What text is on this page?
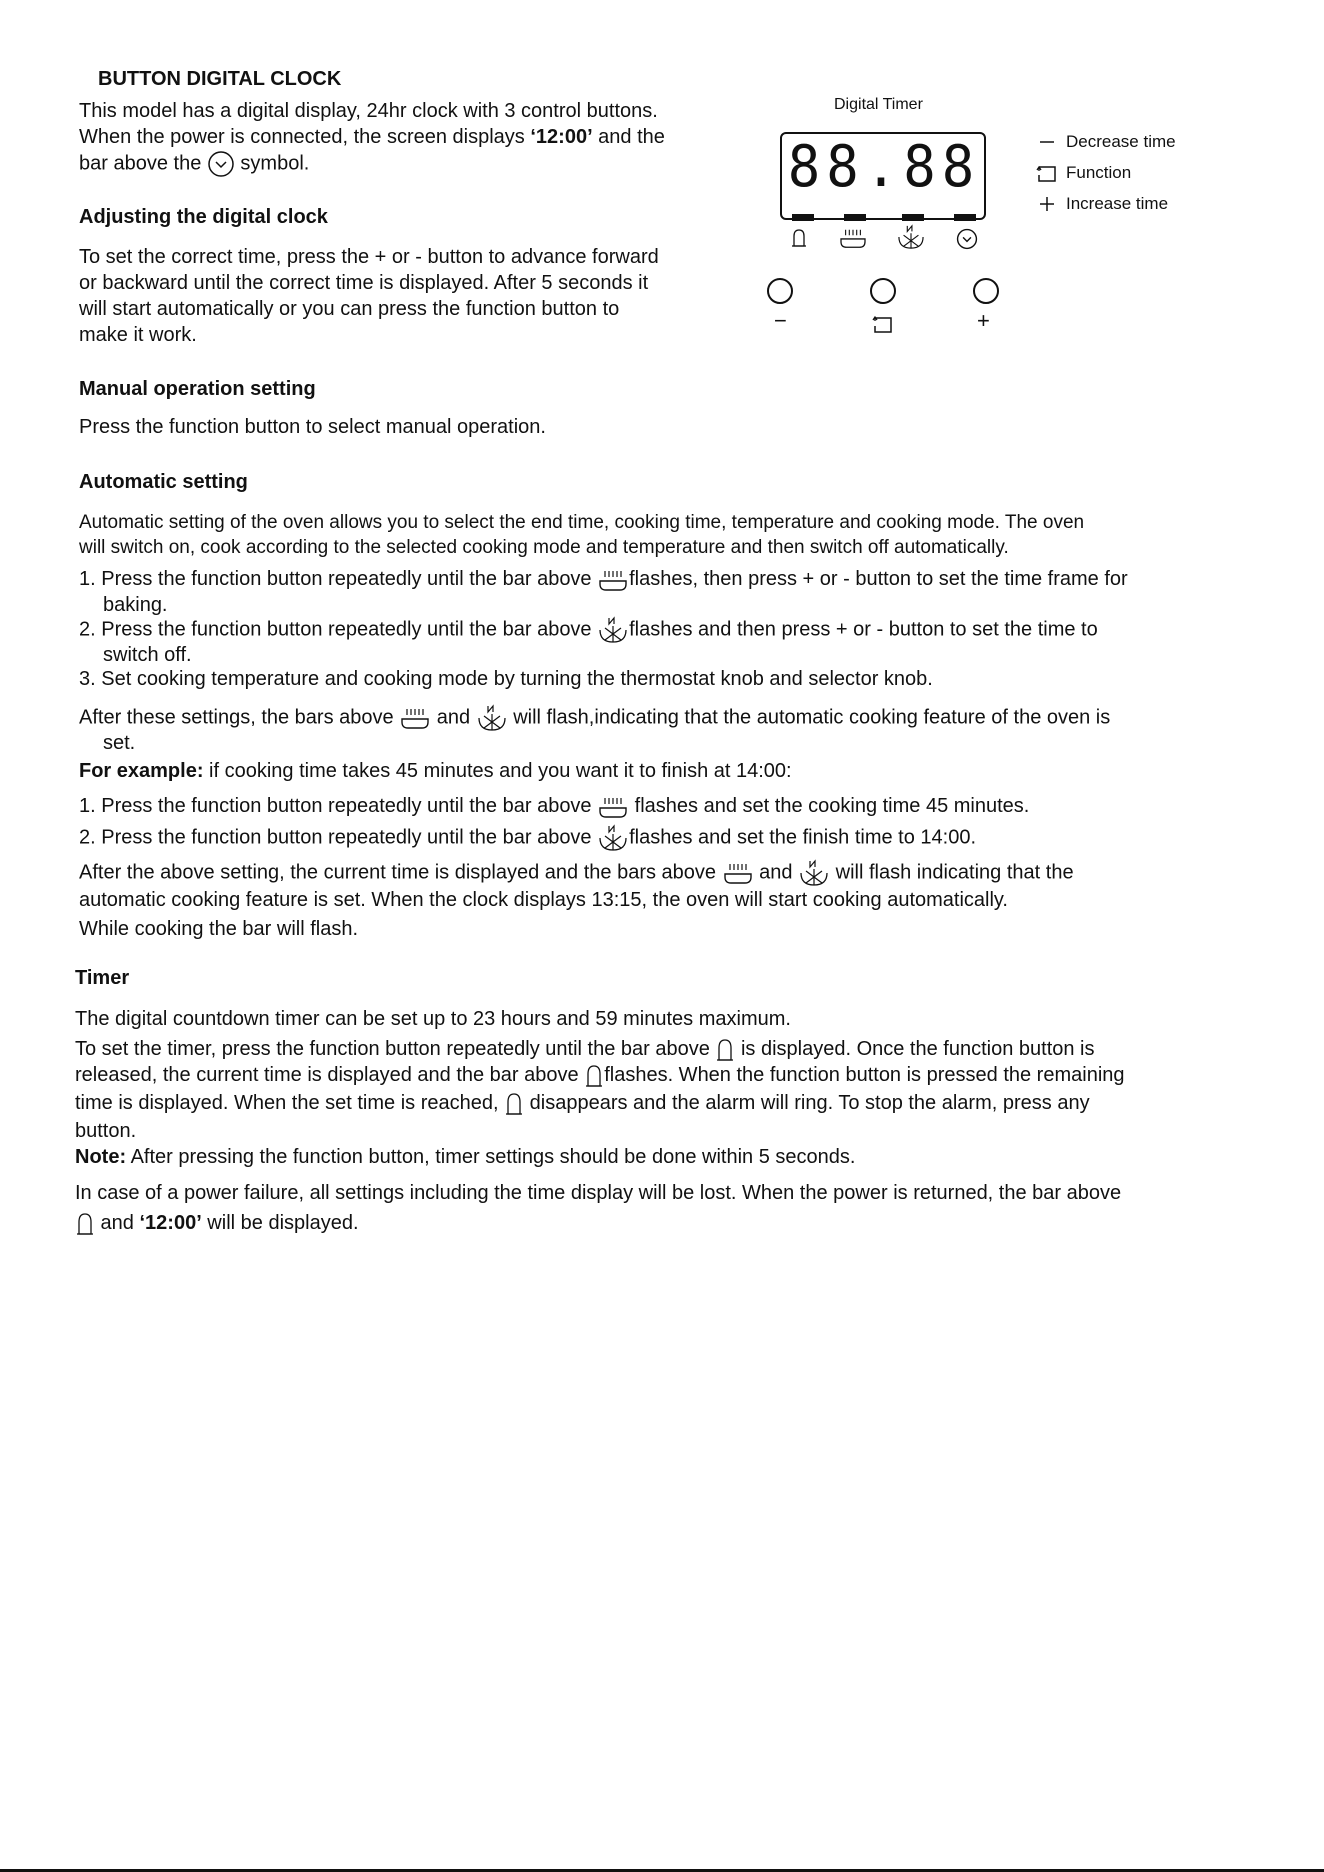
BUTTON DIGITAL CLOCK
This model has a digital display, 24hr clock with 3 control buttons.
When the power is connected, the screen displays ‘12:00’ and the
bar above the
symbol.
Adjusting the digital clock
To set the correct time, press the + or - button to advance forward
or backward until the correct time is displayed. After 5 seconds it
will start automatically or you can press the function button to
make it work.
Manual operation setting
Press the function button to select manual operation.
Automatic setting
Automatic setting of the oven allows you to select the end time, cooking time, temperature and cooking mode. The oven
will switch on, cook according to the selected cooking mode and temperature and then switch off automatically.
1. Press the function button repeatedly until the bar above
flashes, then press + or - button to set the time frame for
baking.
2. Press the function button repeatedly until the bar above
flashes and then press + or - button to set the time to
switch off.
3. Set cooking temperature and cooking mode by turning the thermostat knob and selector knob.
After these settings, the bars above
and
will flash,indicating that the automatic cooking feature of the oven is
set.
For example: if cooking time takes 45 minutes and you want it to finish at 14:00:
1. Press the function button repeatedly until the bar above
flashes and set the cooking time 45 minutes.
2. Press the function button repeatedly until the bar above
flashes and set the finish time to 14:00.
After the above setting, the current time is displayed and the bars above
and
will flash indicating that the
automatic cooking feature is set. When the clock displays 13:15, the oven will start cooking automatically.
While cooking the bar will flash.
Timer
The digital countdown timer can be set up to 23 hours and 59 minutes maximum.
To set the timer, press the function button repeatedly until the bar above
is displayed. Once the function button is
released, the current time is displayed and the bar above
flashes. When the function button is pressed the remaining
time is displayed. When the set time is reached,
disappears and the alarm will ring. To stop the alarm, press any
button.
Note: After pressing the function button, timer settings should be done within 5 seconds.
In case of a power failure, all settings including the time display will be lost. When the power is returned, the bar above
and ‘12:00’ will be displayed.
Digital Timer
88.88
−	+
Decrease time
Function
Increase time
